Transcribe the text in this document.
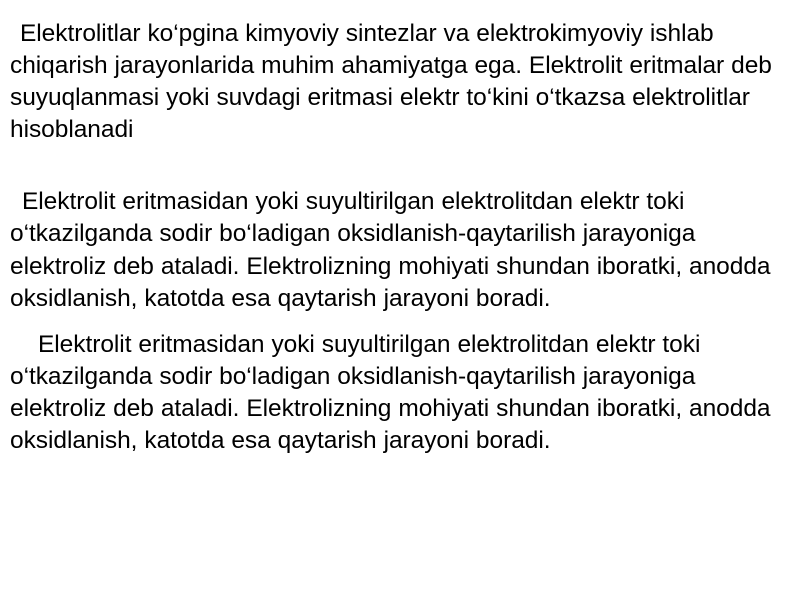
Elektrolitlar ko‘pgina kimyoviy sintezlar va elektrokimyoviy ishlab chiqarish jarayonlarida muhim ahamiyatga ega. Elektrolit eritmalar deb suyuqlanmasi yoki suvdagi eritmasi elektr to‘kini o‘tkazsa elektrolitlar hisoblanadi

Elektrolit eritmasidan yoki suyultirilgan elektrolitdan elektr toki o‘tkazilganda sodir bo‘ladigan oksidlanish-qaytarilish jarayoniga elektroliz deb ataladi. Elektrolizning mohiyati shundan iboratki, anodda oksidlanish, katotda esa qaytarish jarayoni boradi.

Elektrolit eritmasidan yoki suyultirilgan elektrolitdan elektr toki o‘tkazilganda sodir bo‘ladigan oksidlanish-qaytarilish jarayoniga elektroliz deb ataladi. Elektrolizning mohiyati shundan iboratki, anodda oksidlanish, katotda esa qaytarish jarayoni boradi.
